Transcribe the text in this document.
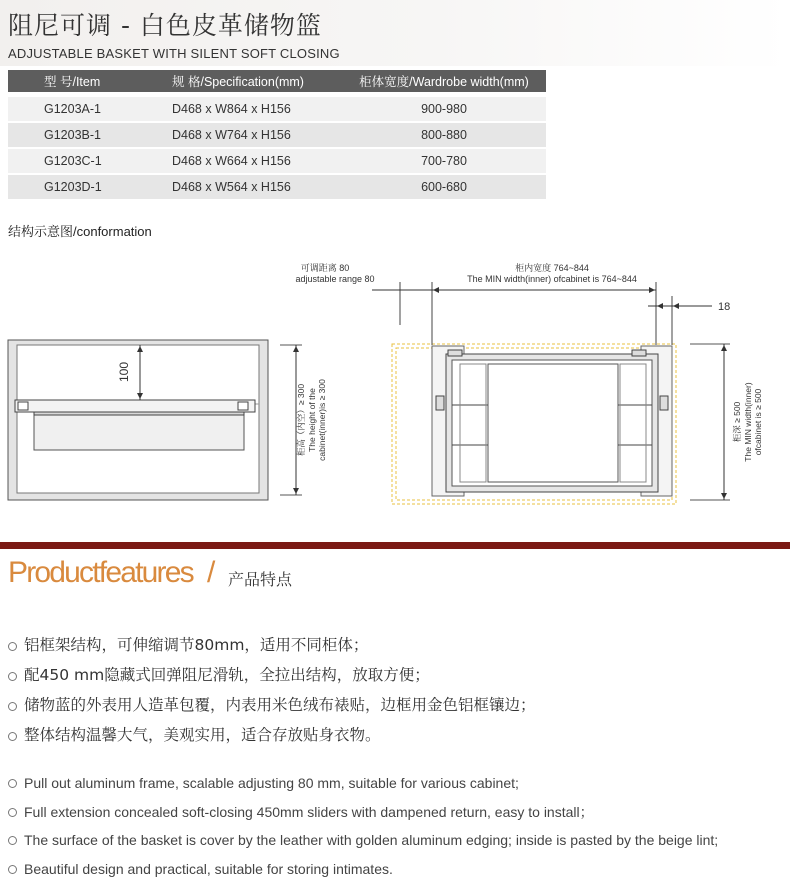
阻尼可调 - 白色皮革储物篮
ADJUSTABLE BASKET WITH SILENT SOFT CLOSING
型 号/Item	规 格/Specification(mm)	柜体宽度/Wardrobe width(mm)

G1203A-1	D468 x W864 x H156	900-980
G1203B-1	D468 x W764 x H156	800-880
G1203C-1	D468 x W664 x H156	700-780
G1203D-1	D468 x W564 x H156	600-680
结构示意图/conformation
100
柜高（内空）≥ 300 The height of the cabinet(inner)is ≥ 300
可调距离 80
adjustable range 80
柜内宽度 764~844
The MIN width(inner) ofcabinet is 764~844
18
柜深 ≥ 500 The MIN width(inner) ofcabinet is ≥ 500
Productfeatures / 产品特点
铝框架结构，可伸缩调节80mm，适用不同柜体；
配450 mm隐藏式回弹阻尼滑轨，全拉出结构，放取方便；
储物蓝的外表用人造革包覆，内表用米色绒布裱贴，边框用金色铝框镶边；
整体结构温馨大气，美观实用，适合存放贴身衣物。
Pull out aluminum frame, scalable adjusting 80 mm, suitable for various cabinet;
Full extension concealed soft-closing 450mm sliders with dampened return, easy to install；
The surface of the basket is cover by the leather with golden aluminum edging; inside is pasted by the beige lint;
Beautiful design and practical, suitable for storing intimates.
